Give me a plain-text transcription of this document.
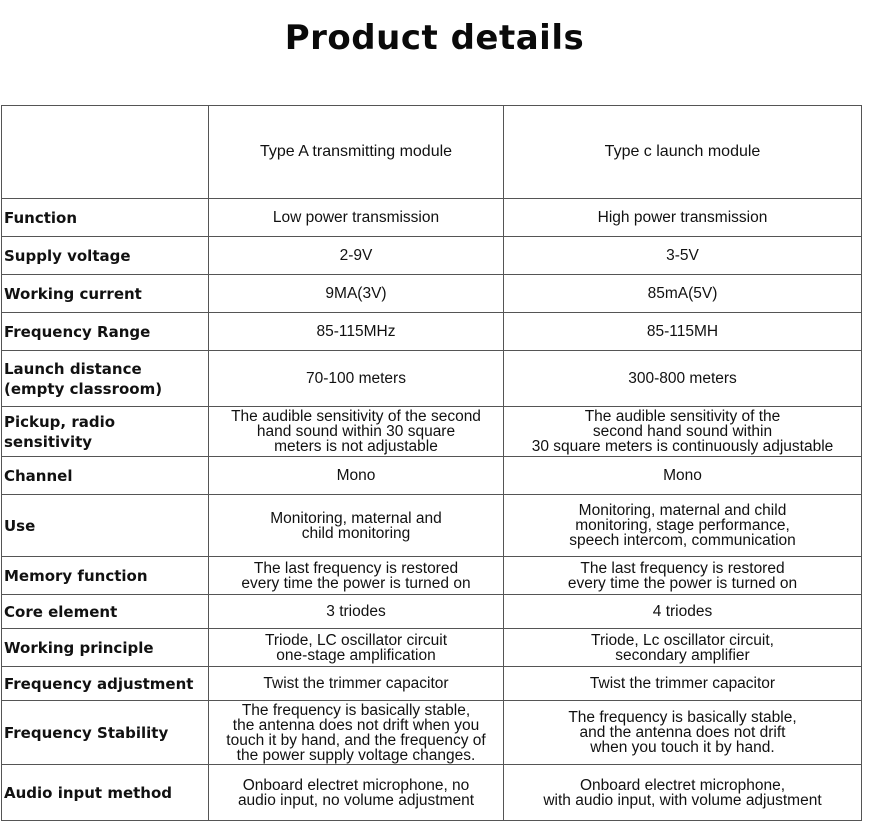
Product details
	Type A transmitting module	Type c launch module

Function	Low power transmission	High power transmission

Supply voltage	2-9V	3-5V

Working current	9MA(3V)	85mA(5V)

Frequency Range	85-115MHz	85-115MH

Launch distance
(empty classroom)	70-100 meters	300-800 meters

Pickup, radio
sensitivity	The audible sensitivity of the second
hand sound within 30 square
meters is not adjustable	The audible sensitivity of the
second hand sound within
30 square meters is continuously adjustable

Channel	Mono	Mono

Use	Monitoring, maternal and
child monitoring	Monitoring, maternal and child
monitoring, stage performance,
speech intercom, communication

Memory function	The last frequency is restored
every time the power is turned on	The last frequency is restored
every time the power is turned on

Core element	3 triodes	4 triodes

Working principle	Triode, LC oscillator circuit
one-stage amplification	Triode, Lc oscillator circuit,
secondary amplifier

Frequency adjustment	Twist the trimmer capacitor	Twist the trimmer capacitor

Frequency Stability	The frequency is basically stable,
the antenna does not drift when you
touch it by hand, and the frequency of
the power supply voltage changes.	The frequency is basically stable,
and the antenna does not drift
when you touch it by hand.

Audio input method	Onboard electret microphone, no
audio input, no volume adjustment	Onboard electret microphone,
with audio input, with volume adjustment
